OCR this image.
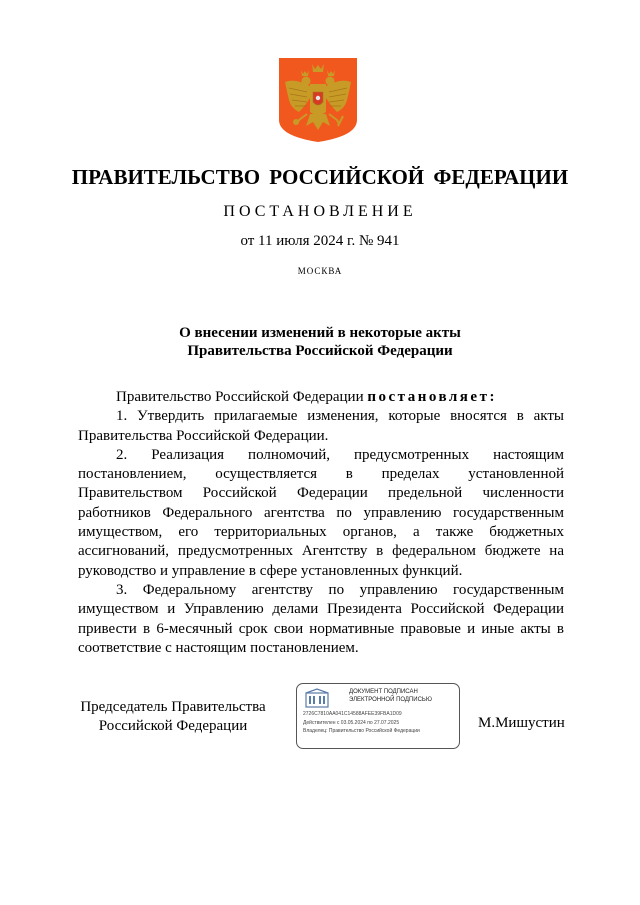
ПРАВИТЕЛЬСТВО РОССИЙСКОЙ ФЕДЕРАЦИИ
ПОСТАНОВЛЕНИЕ
от 11 июля 2024 г. № 941
МОСКВА
О внесении изменений в некоторые акты
Правительства Российской Федерации

Правительство Российской Федерации постановляет:

1. Утвердить прилагаемые изменения, которые вносятся в акты Правительства Российской Федерации.

2. Реализация полномочий, предусмотренных настоящим постановлением, осуществляется в пределах установленной Правительством Российской Федерации предельной численности работников Федерального агентства по управлению государственным имуществом, его территориальных органов, а также бюджетных ассигнований, предусмотренных Агентству в федеральном бюджете на руководство и управление в сфере установленных функций.

3. Федеральному агентству по управлению государственным имуществом и Управлению делами Президента Российской Федерации привести в 6-месячный срок свои нормативные правовые и иные акты в соответствие с настоящим постановлением.

Председатель Правительства
Российской Федерации
ДОКУМЕНТ ПОДПИСАН
ЭЛЕКТРОННОЙ ПОДПИСЬЮ
2726C7810AA041C14588AFEE39FBA1D09
Действителен с 03.05.2024 по 27.07.2025
Владелец: Правительство Российской Федерации	М.Мишустин
